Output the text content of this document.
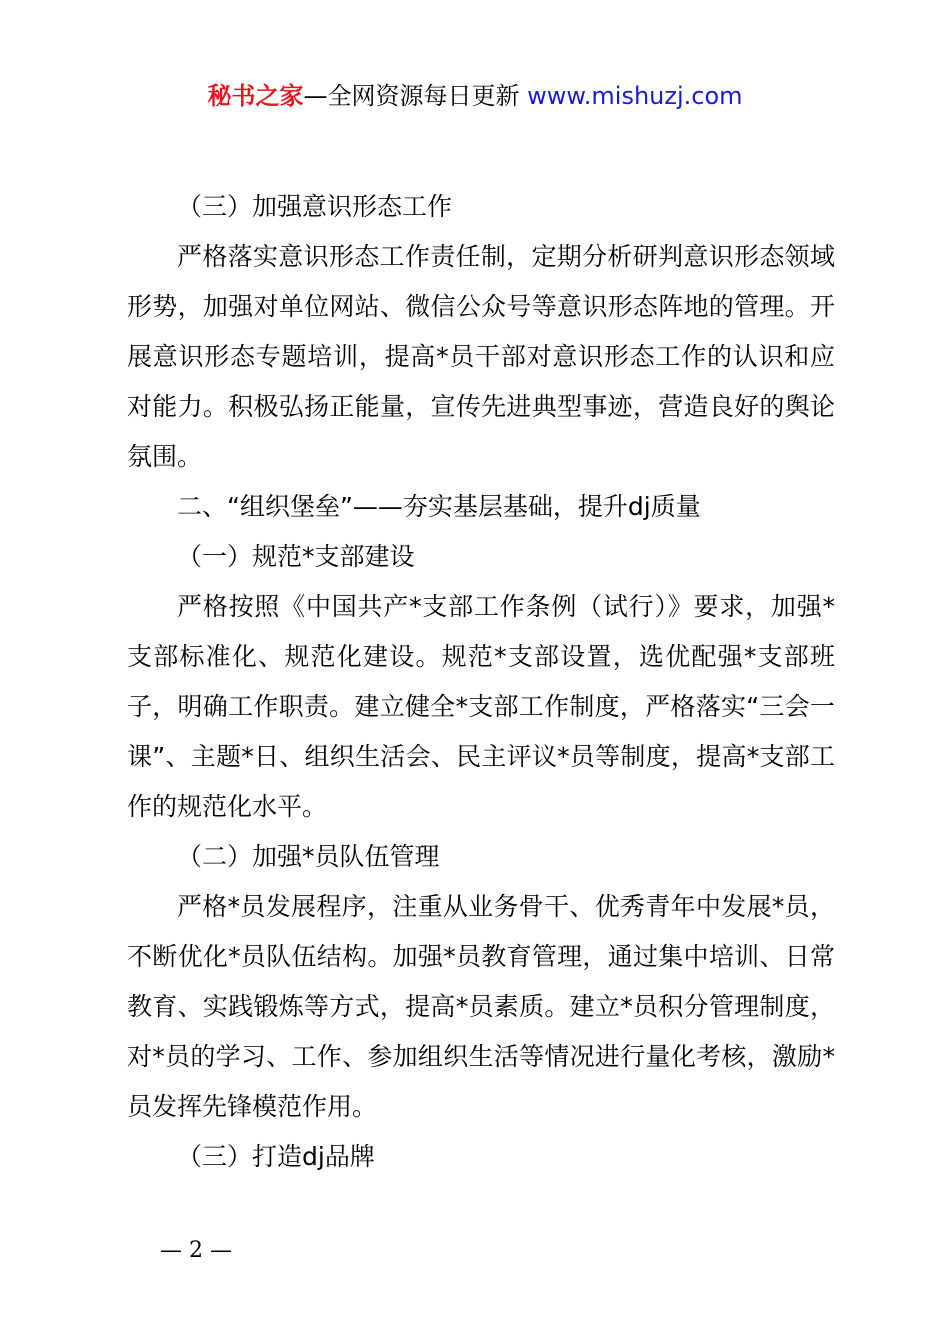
秘书之家—全网资源每日更新 www.mishuzj.com

（三）加强意识形态工作

严格落实意识形态工作责任制，定期分析研判意识形态领域形势，加强对单位网站、微信公众号等意识形态阵地的管理。开展意识形态专题培训，提高*员干部对意识形态工作的认识和应对能力。积极弘扬正能量，宣传先进典型事迹，营造良好的舆论氛围。

二、“组织堡垒”——夯实基层基础，提升dj质量

（一）规范*支部建设

严格按照《中国共产*支部工作条例（试行）》要求，加强*支部标准化、规范化建设。规范*支部设置，选优配强*支部班子，明确工作职责。建立健全*支部工作制度，严格落实“三会一课”、主题*日、组织生活会、民主评议*员等制度，提高*支部工作的规范化水平。

（二）加强*员队伍管理

严格*员发展程序，注重从业务骨干、优秀青年中发展*员，不断优化*员队伍结构。加强*员教育管理，通过集中培训、日常教育、实践锻炼等方式，提高*员素质。建立*员积分管理制度，对*员的学习、工作、参加组织生活等情况进行量化考核，激励*员发挥先锋模范作用。

（三）打造dj品牌

— 2 —
